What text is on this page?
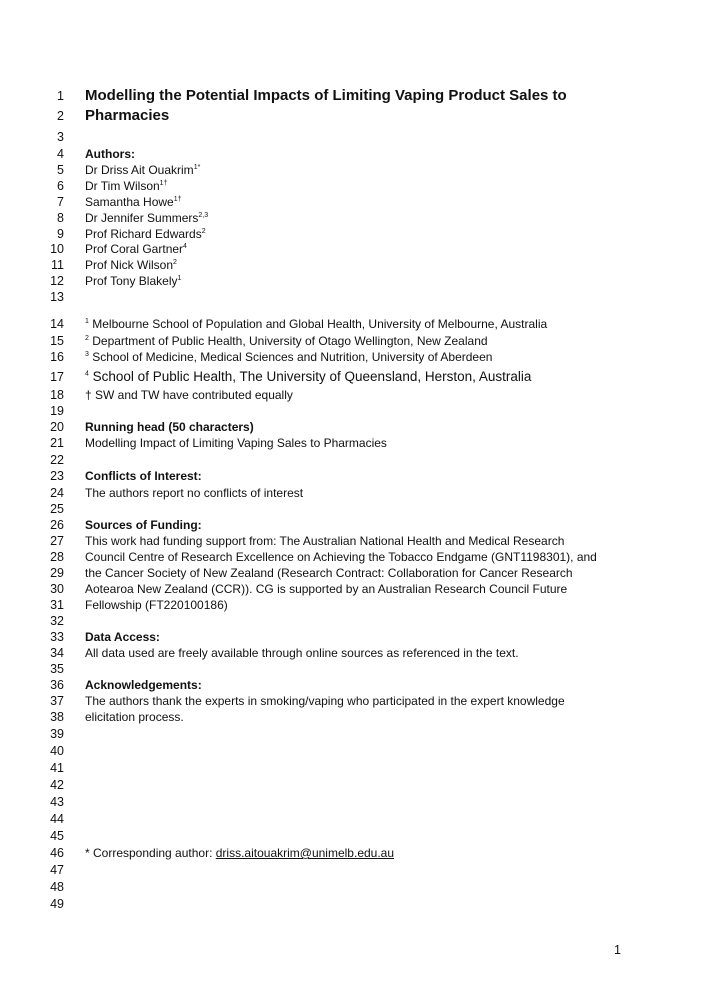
1
2
3
4
5
6
7
8
9
10
11
12
13
14
15
16
17
18
19
20
21
22
23
24
25
26
27
28
29
30
31
32
33
34
35
36
37
38
39
40
41
42
43
44
45
46
47
48
49
Modelling the Potential Impacts of Limiting Vaping Product Sales to
Pharmacies
Authors:
Dr Driss Ait Ouakrim$^{1*}$
Dr Tim Wilson$^{1\dagger}$
Samantha Howe$^{1\dagger}$
Dr Jennifer Summers$^{2,3}$
Prof Richard Edwards$^2$
Prof Coral Gartner$^4$
Prof Nick Wilson$^2$
Prof Tony Blakely$^1$
$^1$ Melbourne School of Population and Global Health, University of Melbourne, Australia
$^2$ Department of Public Health, University of Otago Wellington, New Zealand
$^3$ School of Medicine, Medical Sciences and Nutrition, University of Aberdeen
$^4$ School of Public Health, The University of Queensland, Herston, Australia
† SW and TW have contributed equally
Running head (50 characters)
Modelling Impact of Limiting Vaping Sales to Pharmacies
Conflicts of Interest:
The authors report no conflicts of interest
Sources of Funding:
This work had funding support from: The Australian National Health and Medical Research
Council Centre of Research Excellence on Achieving the Tobacco Endgame (GNT1198301), and
the Cancer Society of New Zealand (Research Contract: Collaboration for Cancer Research
Aotearoa New Zealand (CCR)). CG is supported by an Australian Research Council Future
Fellowship (FT220100186)
Data Access:
All data used are freely available through online sources as referenced in the text.
Acknowledgements:
The authors thank the experts in smoking/vaping who participated in the expert knowledge
elicitation process.
* Corresponding author: driss.aitouakrim@unimelb.edu.au
1
